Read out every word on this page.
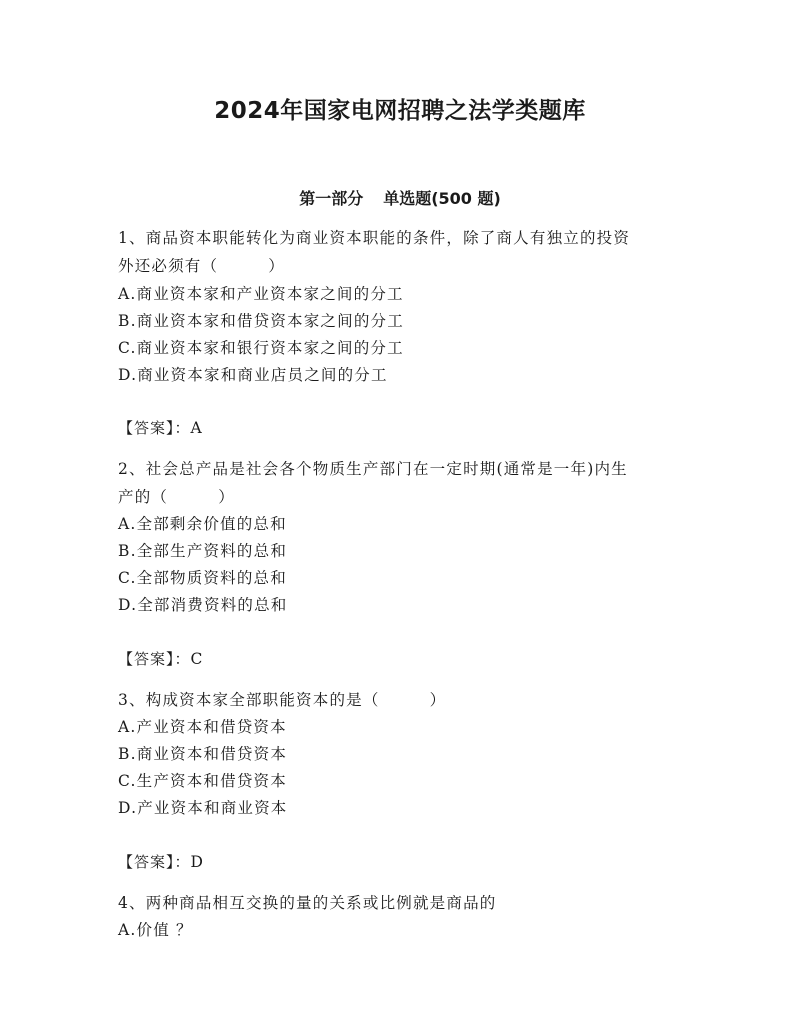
2024年国家电网招聘之法学类题库
第一部分 单选题(500 题)
1、商品资本职能转化为商业资本职能的条件，除了商人有独立的投资
外还必须有（　　　）
A.商业资本家和产业资本家之间的分工
B.商业资本家和借贷资本家之间的分工
C.商业资本家和银行资本家之间的分工
D.商业资本家和商业店员之间的分工
【答案】：A
2、社会总产品是社会各个物质生产部门在一定时期(通常是一年)内生
产的（　　　）
A.全部剩余价值的总和
B.全部生产资料的总和
C.全部物质资料的总和
D.全部消费资料的总和
【答案】：C
3、构成资本家全部职能资本的是（　　　）
A.产业资本和借贷资本
B.商业资本和借贷资本
C.生产资本和借贷资本
D.产业资本和商业资本
【答案】：D
4、两种商品相互交换的量的关系或比例就是商品的
A.价值 ？
